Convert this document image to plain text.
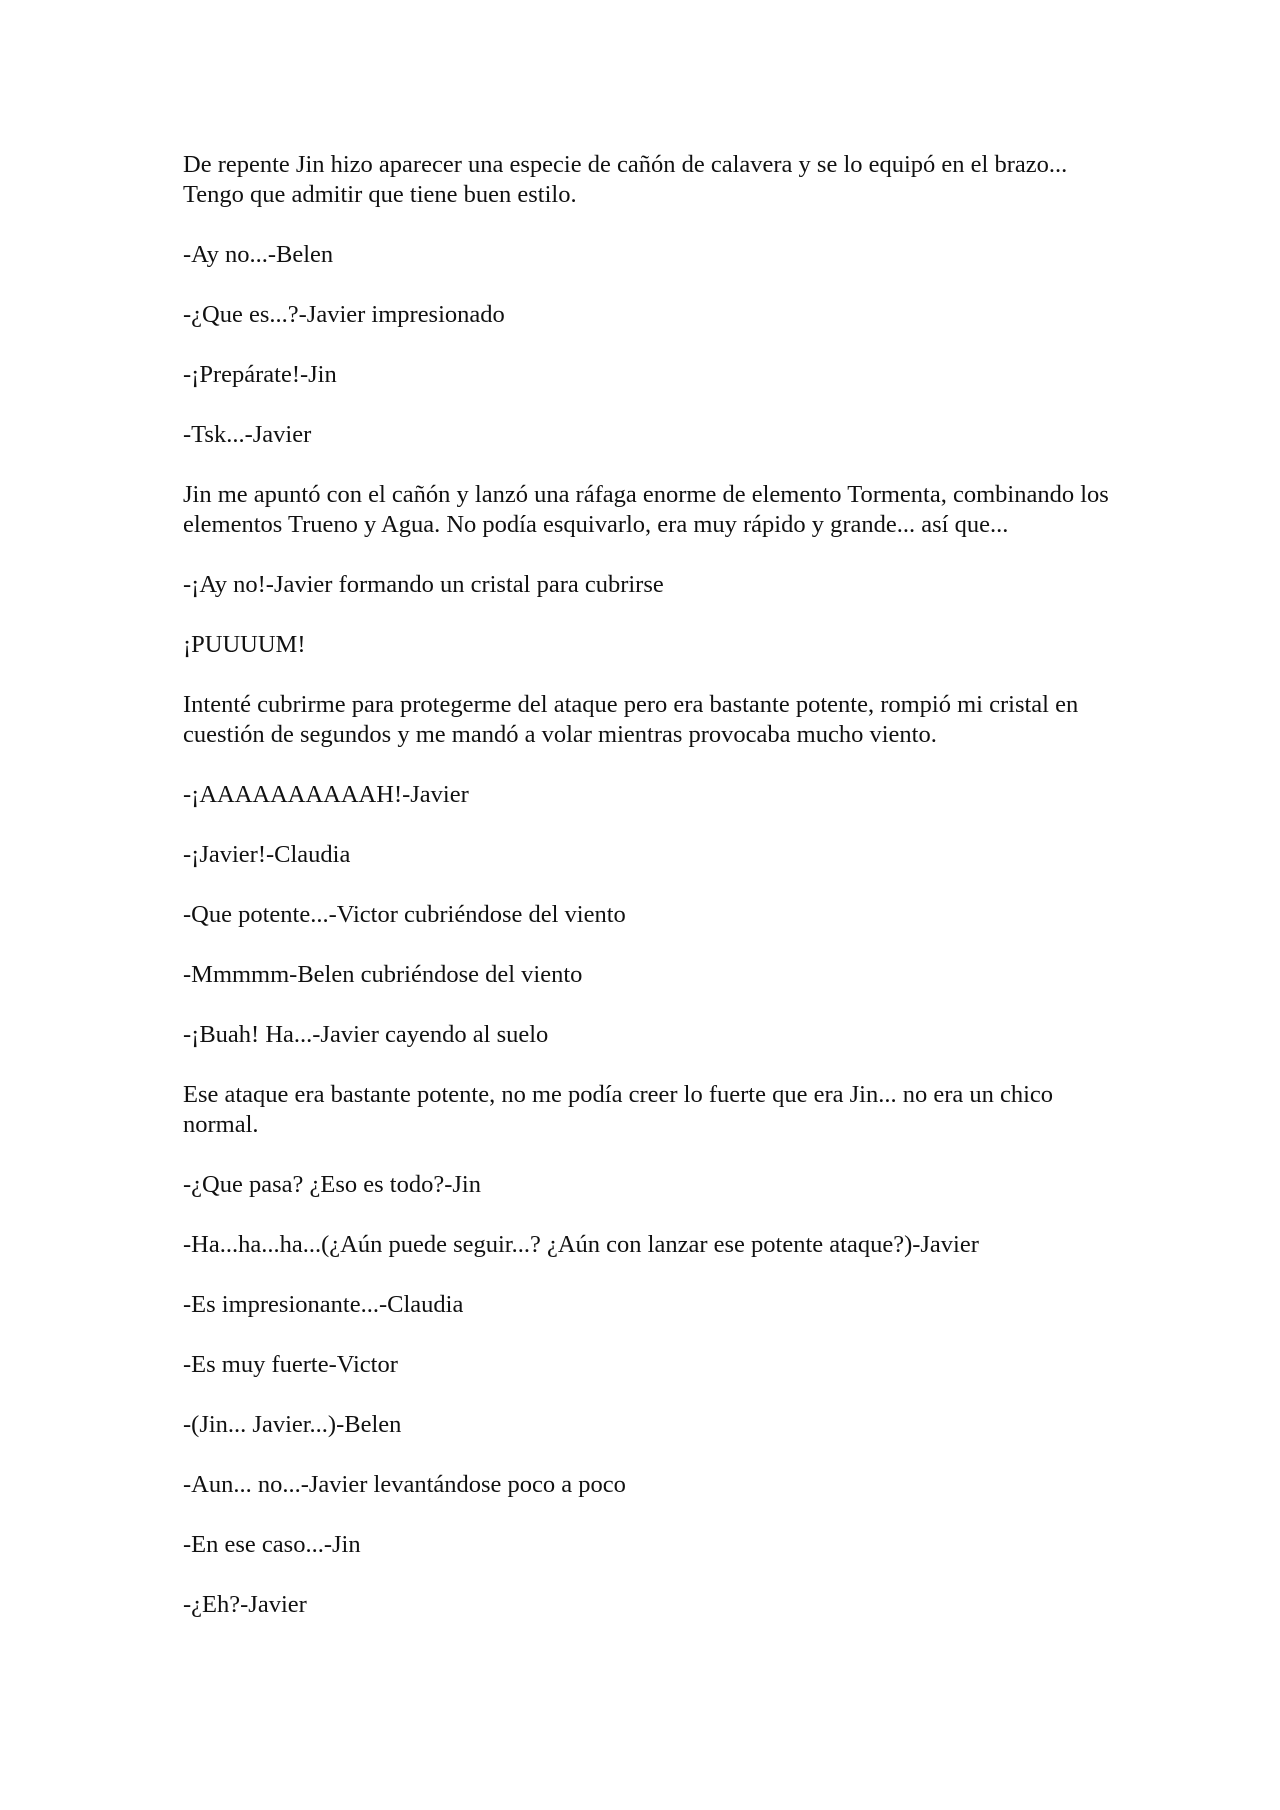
De repente Jin hizo aparecer una especie de cañón de calavera y se lo equipó en el brazo... Tengo que admitir que tiene buen estilo.

-Ay no...-Belen

-¿Que es...?-Javier impresionado

-¡Prepárate!-Jin

-Tsk...-Javier

Jin me apuntó con el cañón y lanzó una ráfaga enorme de elemento Tormenta, combinando los elementos Trueno y Agua. No podía esquivarlo, era muy rápido y grande... así que...

-¡Ay no!-Javier formando un cristal para cubrirse

¡PUUUUM!

Intenté cubrirme para protegerme del ataque pero era bastante potente, rompió mi cristal en cuestión de segundos y me mandó a volar mientras provocaba mucho viento.

-¡AAAAAAAAAAH!-Javier

-¡Javier!-Claudia

-Que potente...-Victor cubriéndose del viento

-Mmmmm-Belen cubriéndose del viento

-¡Buah! Ha...-Javier cayendo al suelo

Ese ataque era bastante potente, no me podía creer lo fuerte que era Jin... no era un chico normal.

-¿Que pasa? ¿Eso es todo?-Jin

-Ha...ha...ha...(¿Aún puede seguir...? ¿Aún con lanzar ese potente ataque?)-Javier

-Es impresionante...-Claudia

-Es muy fuerte-Victor

-(Jin... Javier...)-Belen

-Aun... no...-Javier levantándose poco a poco

-En ese caso...-Jin

-¿Eh?-Javier
